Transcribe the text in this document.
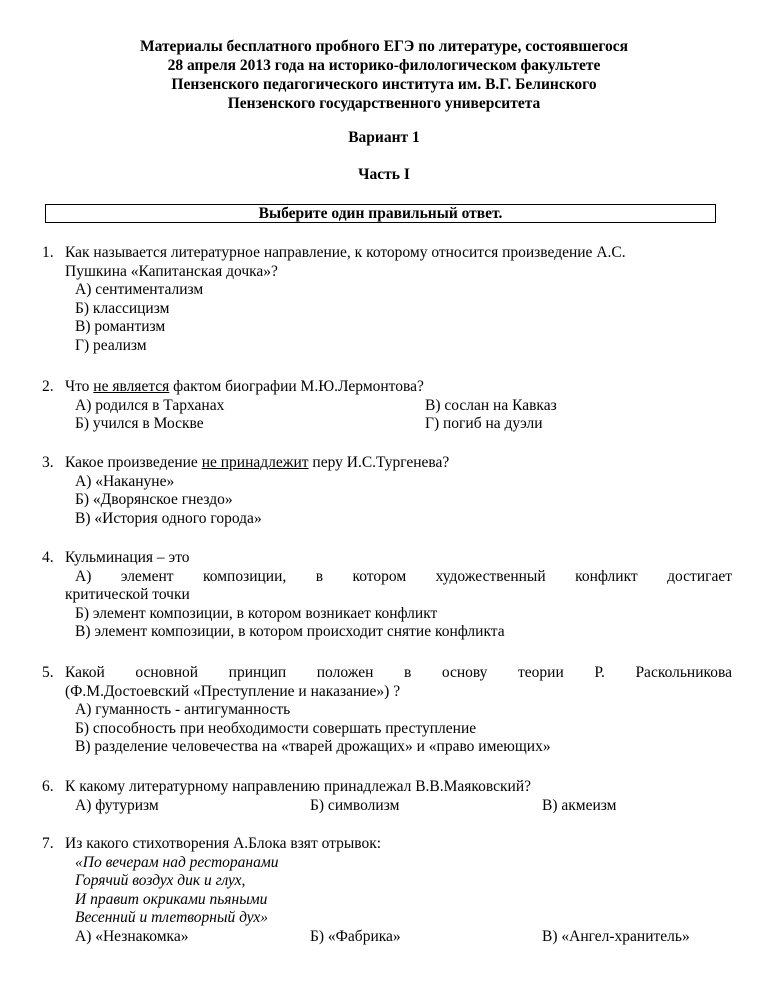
Материалы бесплатного пробного ЕГЭ по литературе, состоявшегося
28 апреля 2013 года на историко-филологическом факультете
Пензенского педагогического института им. В.Г. Белинского
Пензенского государственного университета
Вариант 1
Часть I
Выберите один правильный ответ.
1. Как называется литературное направление, к которому относится произведение А.С.
Пушкина «Капитанская дочка»?
А) сентиментализм
Б) классицизм
В) романтизм
Г) реализм
2. Что не является фактом биографии М.Ю.Лермонтова?
А) родился в Тарханах	В) сослан на Кавказ
Б) учился в Москве	Г) погиб на дуэли
3. Какое произведение не принадлежит перу И.С.Тургенева?
А) «Накануне»
Б) «Дворянское гнездо»
В) «История одного города»
4. Кульминация – это
А) элемент композиции, в котором художественный конфликт достигает
критической точки
Б) элемент композиции, в котором возникает конфликт
В) элемент композиции, в котором происходит снятие конфликта
5. Какой основной принцип положен в основу теории Р. Раскольникова
(Ф.М.Достоевский «Преступление и наказание») ?
А) гуманность - антигуманность
Б) способность при необходимости совершать преступление
В) разделение человечества на «тварей дрожащих» и «право имеющих»
6. К какому литературному направлению принадлежал В.В.Маяковский?
А) футуризм	Б) символизм	В) акмеизм
7. Из какого стихотворения А.Блока взят отрывок:
«По вечерам над ресторанами
Горячий воздух дик и глух,
И правит окриками пьяными
Весенний и тлетворный дух»
А) «Незнакомка»	Б) «Фабрика»	В) «Ангел-хранитель»
